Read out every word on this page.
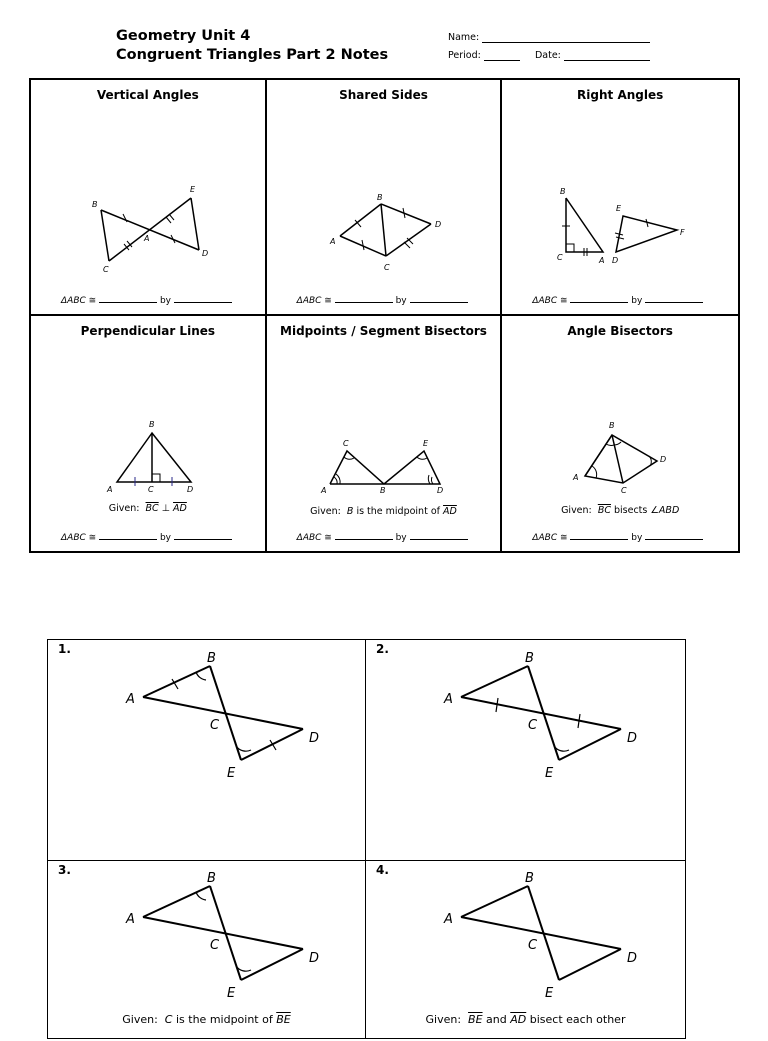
Geometry Unit 4
Congruent Triangles Part 2 Notes
Name:
Period:	Date:
Vertical Angles
B
E
A
C
D
ΔABC ≅	by
Shared Sides
B
A
D
C
ΔABC ≅	by
Right Angles
B
E
F
C	A D
ΔABC ≅	by
Perpendicular Lines
B
A	C	D
Given: $\overline{BC}$ ⊥ $\overline{AD}$
ΔABC ≅	by
Midpoints / Segment Bisectors
C	E
A	B	D
Given: B is the midpoint of $\overline{AD}$
ΔABC ≅	by
Angle Bisectors
B
D
A
C
Given: $\overline{BC}$ bisects ∠ABD
ΔABC ≅	by
1.
A
B
C
D
E
2.
A
B
C
D
E
3.
A
B
C
D
E
Given: C is the midpoint of $\overline{BE}$
4.
A
B
C
D
E
Given: $\overline{BE}$ and $\overline{AD}$ bisect each other
